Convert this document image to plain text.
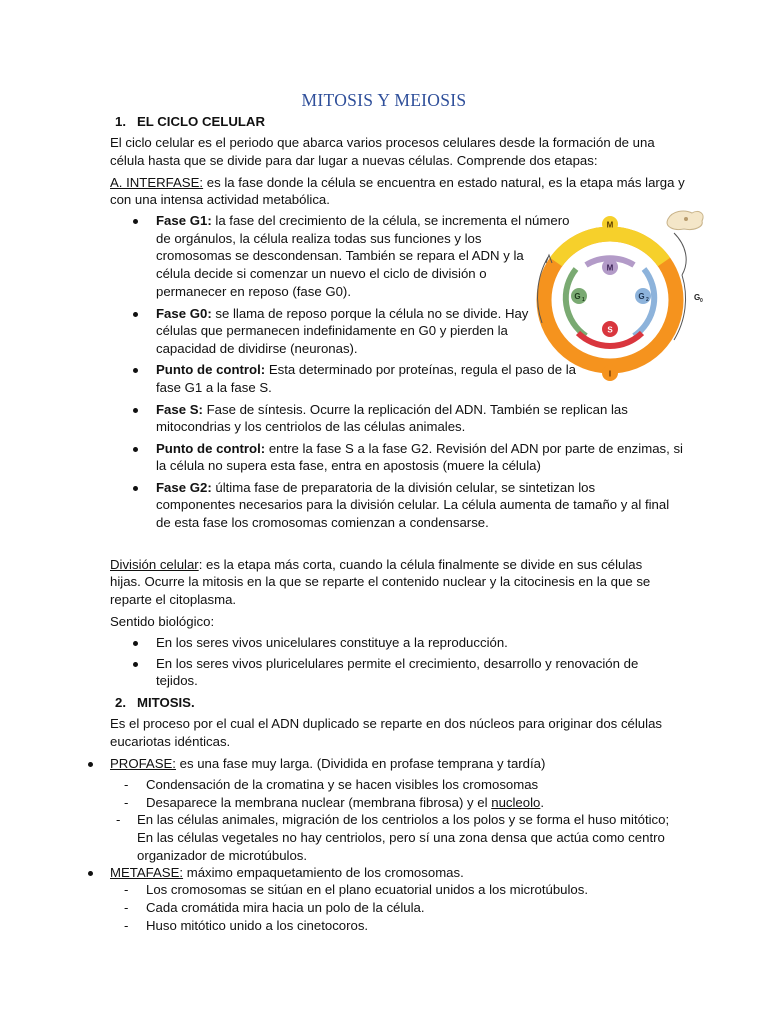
MITOSIS Y MEIOSIS
1. EL CICLO CELULAR
El ciclo celular es el periodo que abarca varios procesos celulares desde la formación de una
célula hasta que se divide para dar lugar a nuevas células. Comprende dos etapas:
A. INTERFASE: es la fase donde la célula se encuentra en estado natural, es la etapa más larga y
con una intensa actividad metabólica.
Fase G1: la fase del crecimiento de la célula, se incrementa el número
de orgánulos, la célula realiza todas sus funciones y los
cromosomas se descondensan. También se repara el ADN y la
célula decide si comenzar un nuevo el ciclo de división o
permanecer en reposo (fase G0).
Fase G0: se llama de reposo porque la célula no se divide. Hay
células que permanecen indefinidamente en G0 y pierden la
capacidad de dividirse (neuronas).
Punto de control: Esta determinado por proteínas, regula el paso de la
fase G1 a la fase S.
Fase S: Fase de síntesis. Ocurre la replicación del ADN. También se replican las
mitocondrias y los centriolos de las células animales.
Punto de control: entre la fase S a la fase G2. Revisión del ADN por parte de enzimas, si
la célula no supera esta fase, entra en apostosis (muere la célula)
Fase G2: última fase de preparatoria de la división celular, se sintetizan los
componentes necesarios para la división celular. La célula aumenta de tamaño y al final
de esta fase los cromosomas comienzan a condensarse.
División celular: es la etapa más corta, cuando la célula finalmente se divide en sus células
hijas. Ocurre la mitosis en la que se reparte el contenido nuclear y la citocinesis en la que se
reparte el citoplasma.
Sentido biológico:
En los seres vivos unicelulares constituye a la reproducción.
En los seres vivos pluricelulares permite el crecimiento, desarrollo y renovación de
tejidos.
2. MITOSIS.
Es el proceso por el cual el ADN duplicado se reparte en dos núcleos para originar dos células
eucariotas idénticas.
PROFASE: es una fase muy larga. (Dividida en profase temprana y tardía)
- Condensación de la cromatina y se hacen visibles los cromosomas
- Desaparece la membrana nuclear (membrana fibrosa) y el nucleolo.
- En las células animales, migración de los centriolos a los polos y se forma el huso mitótico;
En las células vegetales no hay centriolos, pero sí una zona densa que actúa como centro
organizador de microtúbulos.
METAFASE: máximo empaquetamiento de los cromosomas.
- Los cromosomas se sitúan en el plano ecuatorial unidos a los microtúbulos.
- Cada cromátida mira hacia un polo de la célula.
- Huso mitótico unido a los cinetocoros.
M
M
G 1	G 2
S
I
G 0
